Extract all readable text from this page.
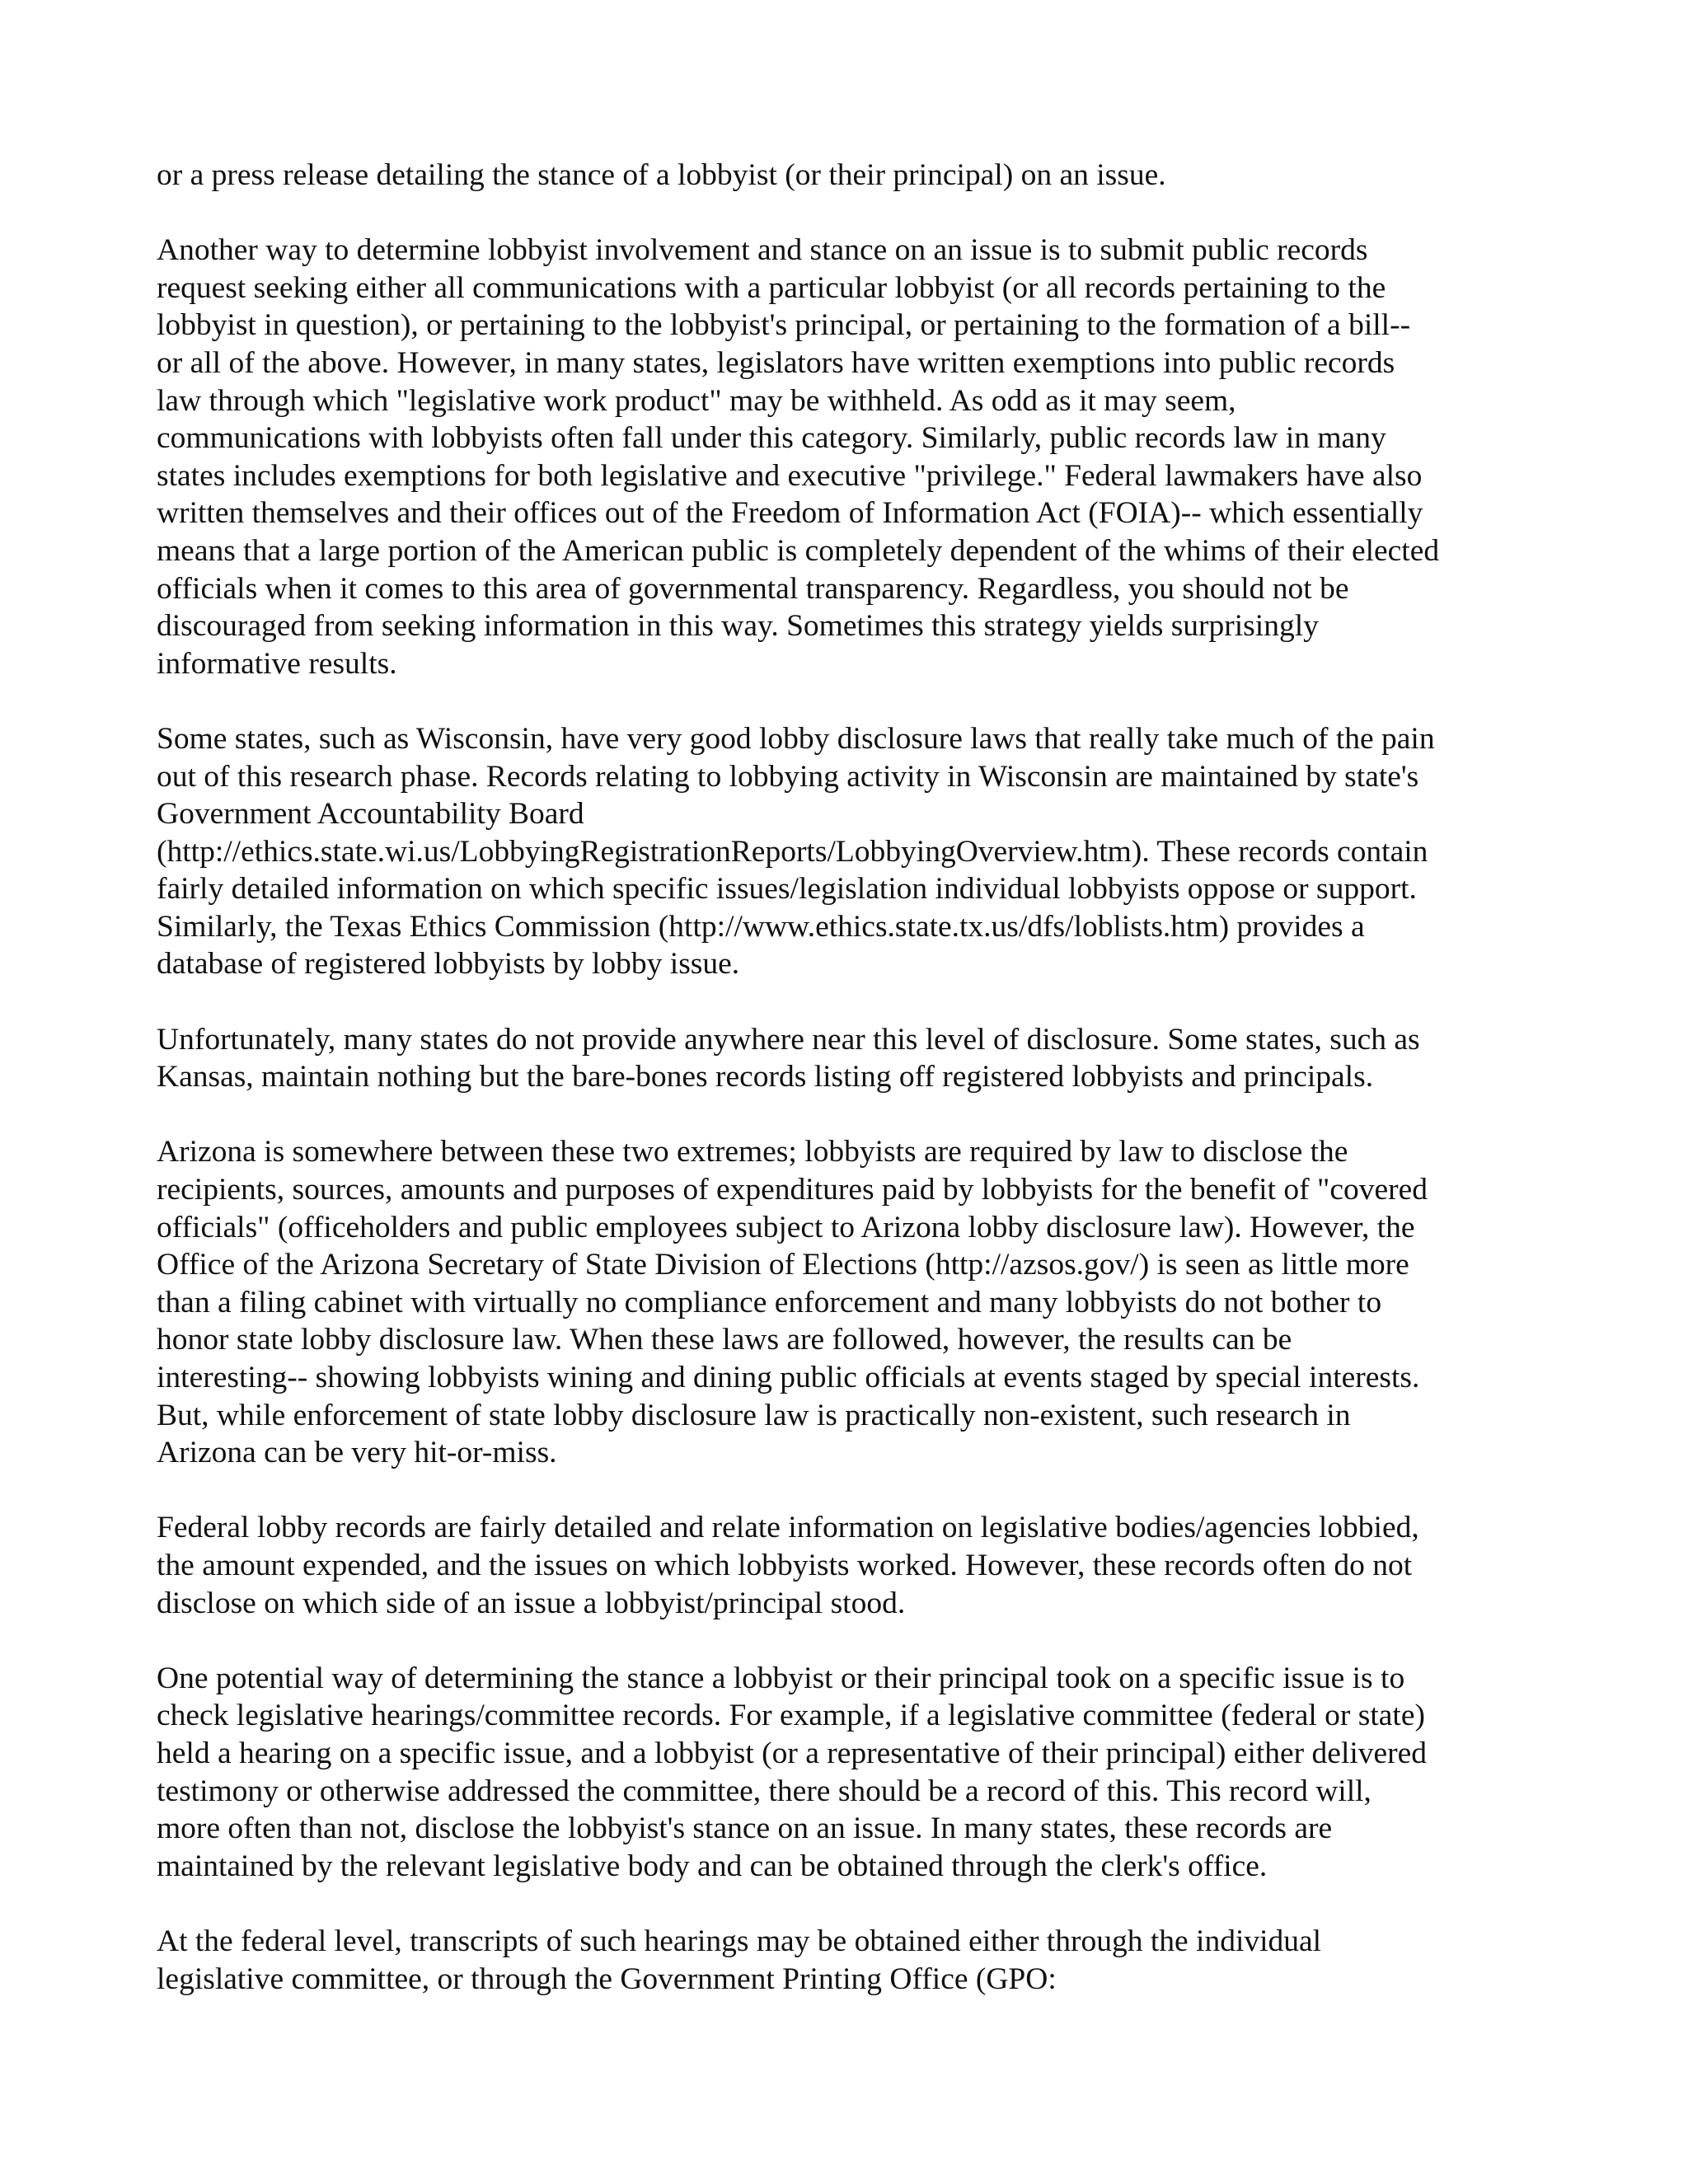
or a press release detailing the stance of a lobbyist (or their principal) on an issue.

Another way to determine lobbyist involvement and stance on an issue is to submit public records
request seeking either all communications with a particular lobbyist (or all records pertaining to the
lobbyist in question), or pertaining to the lobbyist's principal, or pertaining to the formation of a bill--
or all of the above. However, in many states, legislators have written exemptions into public records
law through which "legislative work product" may be withheld. As odd as it may seem,
communications with lobbyists often fall under this category. Similarly, public records law in many
states includes exemptions for both legislative and executive "privilege." Federal lawmakers have also
written themselves and their offices out of the Freedom of Information Act (FOIA)-- which essentially
means that a large portion of the American public is completely dependent of the whims of their elected
officials when it comes to this area of governmental transparency. Regardless, you should not be
discouraged from seeking information in this way. Sometimes this strategy yields surprisingly
informative results.

Some states, such as Wisconsin, have very good lobby disclosure laws that really take much of the pain
out of this research phase. Records relating to lobbying activity in Wisconsin are maintained by state's
Government Accountability Board
(http://ethics.state.wi.us/LobbyingRegistrationReports/LobbyingOverview.htm). These records contain
fairly detailed information on which specific issues/legislation individual lobbyists oppose or support.
Similarly, the Texas Ethics Commission (http://www.ethics.state.tx.us/dfs/loblists.htm) provides a
database of registered lobbyists by lobby issue.

Unfortunately, many states do not provide anywhere near this level of disclosure. Some states, such as
Kansas, maintain nothing but the bare-bones records listing off registered lobbyists and principals.

Arizona is somewhere between these two extremes; lobbyists are required by law to disclose the
recipients, sources, amounts and purposes of expenditures paid by lobbyists for the benefit of "covered
officials" (officeholders and public employees subject to Arizona lobby disclosure law). However, the
Office of the Arizona Secretary of State Division of Elections (http://azsos.gov/) is seen as little more
than a filing cabinet with virtually no compliance enforcement and many lobbyists do not bother to
honor state lobby disclosure law. When these laws are followed, however, the results can be
interesting-- showing lobbyists wining and dining public officials at events staged by special interests.
But, while enforcement of state lobby disclosure law is practically non-existent, such research in
Arizona can be very hit-or-miss.

Federal lobby records are fairly detailed and relate information on legislative bodies/agencies lobbied,
the amount expended, and the issues on which lobbyists worked. However, these records often do not
disclose on which side of an issue a lobbyist/principal stood.

One potential way of determining the stance a lobbyist or their principal took on a specific issue is to
check legislative hearings/committee records. For example, if a legislative committee (federal or state)
held a hearing on a specific issue, and a lobbyist (or a representative of their principal) either delivered
testimony or otherwise addressed the committee, there should be a record of this. This record will,
more often than not, disclose the lobbyist's stance on an issue. In many states, these records are
maintained by the relevant legislative body and can be obtained through the clerk's office.

At the federal level, transcripts of such hearings may be obtained either through the individual
legislative committee, or through the Government Printing Office (GPO:
